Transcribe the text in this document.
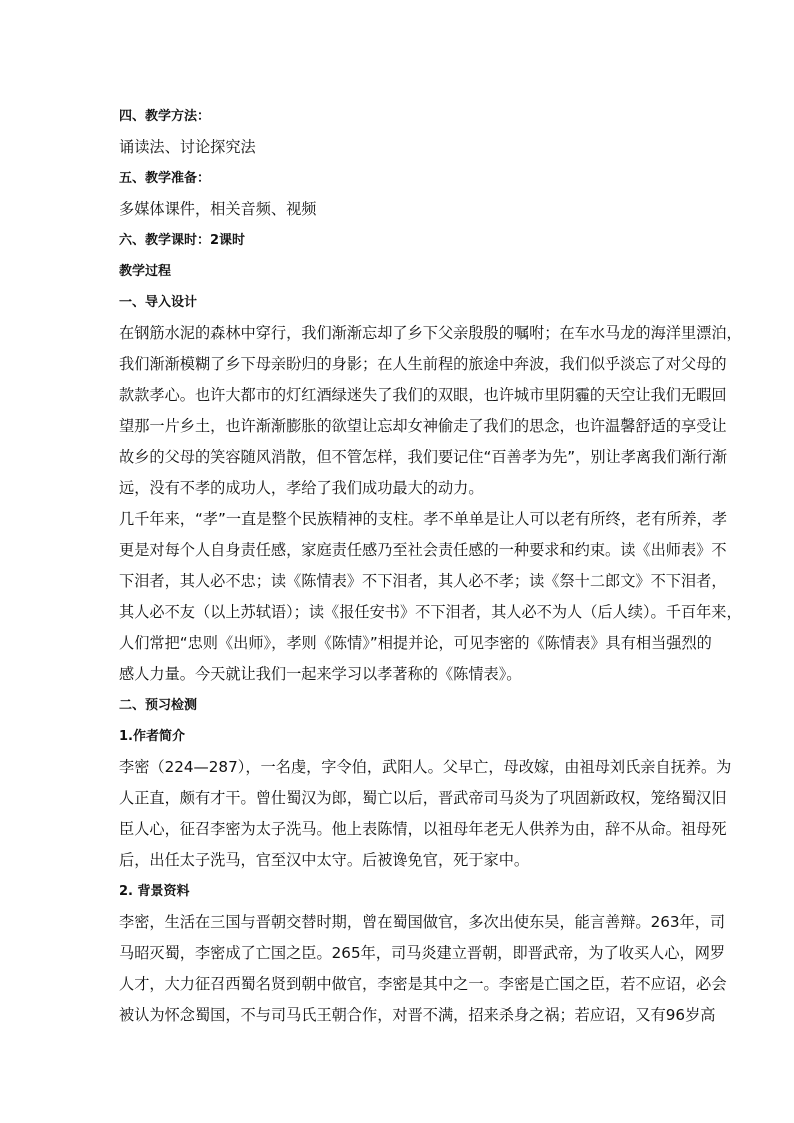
四、教学方法：

诵读法、讨论探究法

五、教学准备：

多媒体课件，相关音频、视频

六、教学课时：2课时

教学过程

一、导入设计

在钢筋水泥的森林中穿行，我们渐渐忘却了乡下父亲殷殷的嘱咐；在车水马龙的海洋里漂泊，

我们渐渐模糊了乡下母亲盼归的身影；在人生前程的旅途中奔波，我们似乎淡忘了对父母的

款款孝心。也许大都市的灯红酒绿迷失了我们的双眼，也许城市里阴霾的天空让我们无暇回

望那一片乡土，也许渐渐膨胀的欲望让忘却女神偷走了我们的思念，也许温馨舒适的享受让

故乡的父母的笑容随风消散，但不管怎样，我们要记住“百善孝为先”，别让孝离我们渐行渐

远，没有不孝的成功人，孝给了我们成功最大的动力。

几千年来，“孝”一直是整个民族精神的支柱。孝不单单是让人可以老有所终，老有所养，孝

更是对每个人自身责任感，家庭责任感乃至社会责任感的一种要求和约束。读《出师表》不

下泪者，其人必不忠；读《陈情表》不下泪者，其人必不孝；读《祭十二郎文》不下泪者，

其人必不友（以上苏轼语）；读《报任安书》不下泪者，其人必不为人（后人续）。千百年来，

人们常把“忠则《出师》，孝则《陈情》”相提并论，可见李密的《陈情表》具有相当强烈的

感人力量。今天就让我们一起来学习以孝著称的《陈情表》。

二、预习检测

1.作者简介

李密（224—287），一名虔，字令伯，武阳人。父早亡，母改嫁，由祖母刘氏亲自抚养。为

人正直，颇有才干。曾仕蜀汉为郎，蜀亡以后，晋武帝司马炎为了巩固新政权，笼络蜀汉旧

臣人心，征召李密为太子洗马。他上表陈情，以祖母年老无人供养为由，辞不从命。祖母死

后，出任太子洗马，官至汉中太守。后被谗免官，死于家中。

2. 背景资料

李密，生活在三国与晋朝交替时期，曾在蜀国做官，多次出使东吴，能言善辩。263年，司

马昭灭蜀，李密成了亡国之臣。265年，司马炎建立晋朝，即晋武帝，为了收买人心，网罗

人才，大力征召西蜀名贤到朝中做官，李密是其中之一。李密是亡国之臣，若不应诏，必会

被认为怀念蜀国，不与司马氏王朝合作，对晋不满，招来杀身之祸；若应诏，又有96岁高
